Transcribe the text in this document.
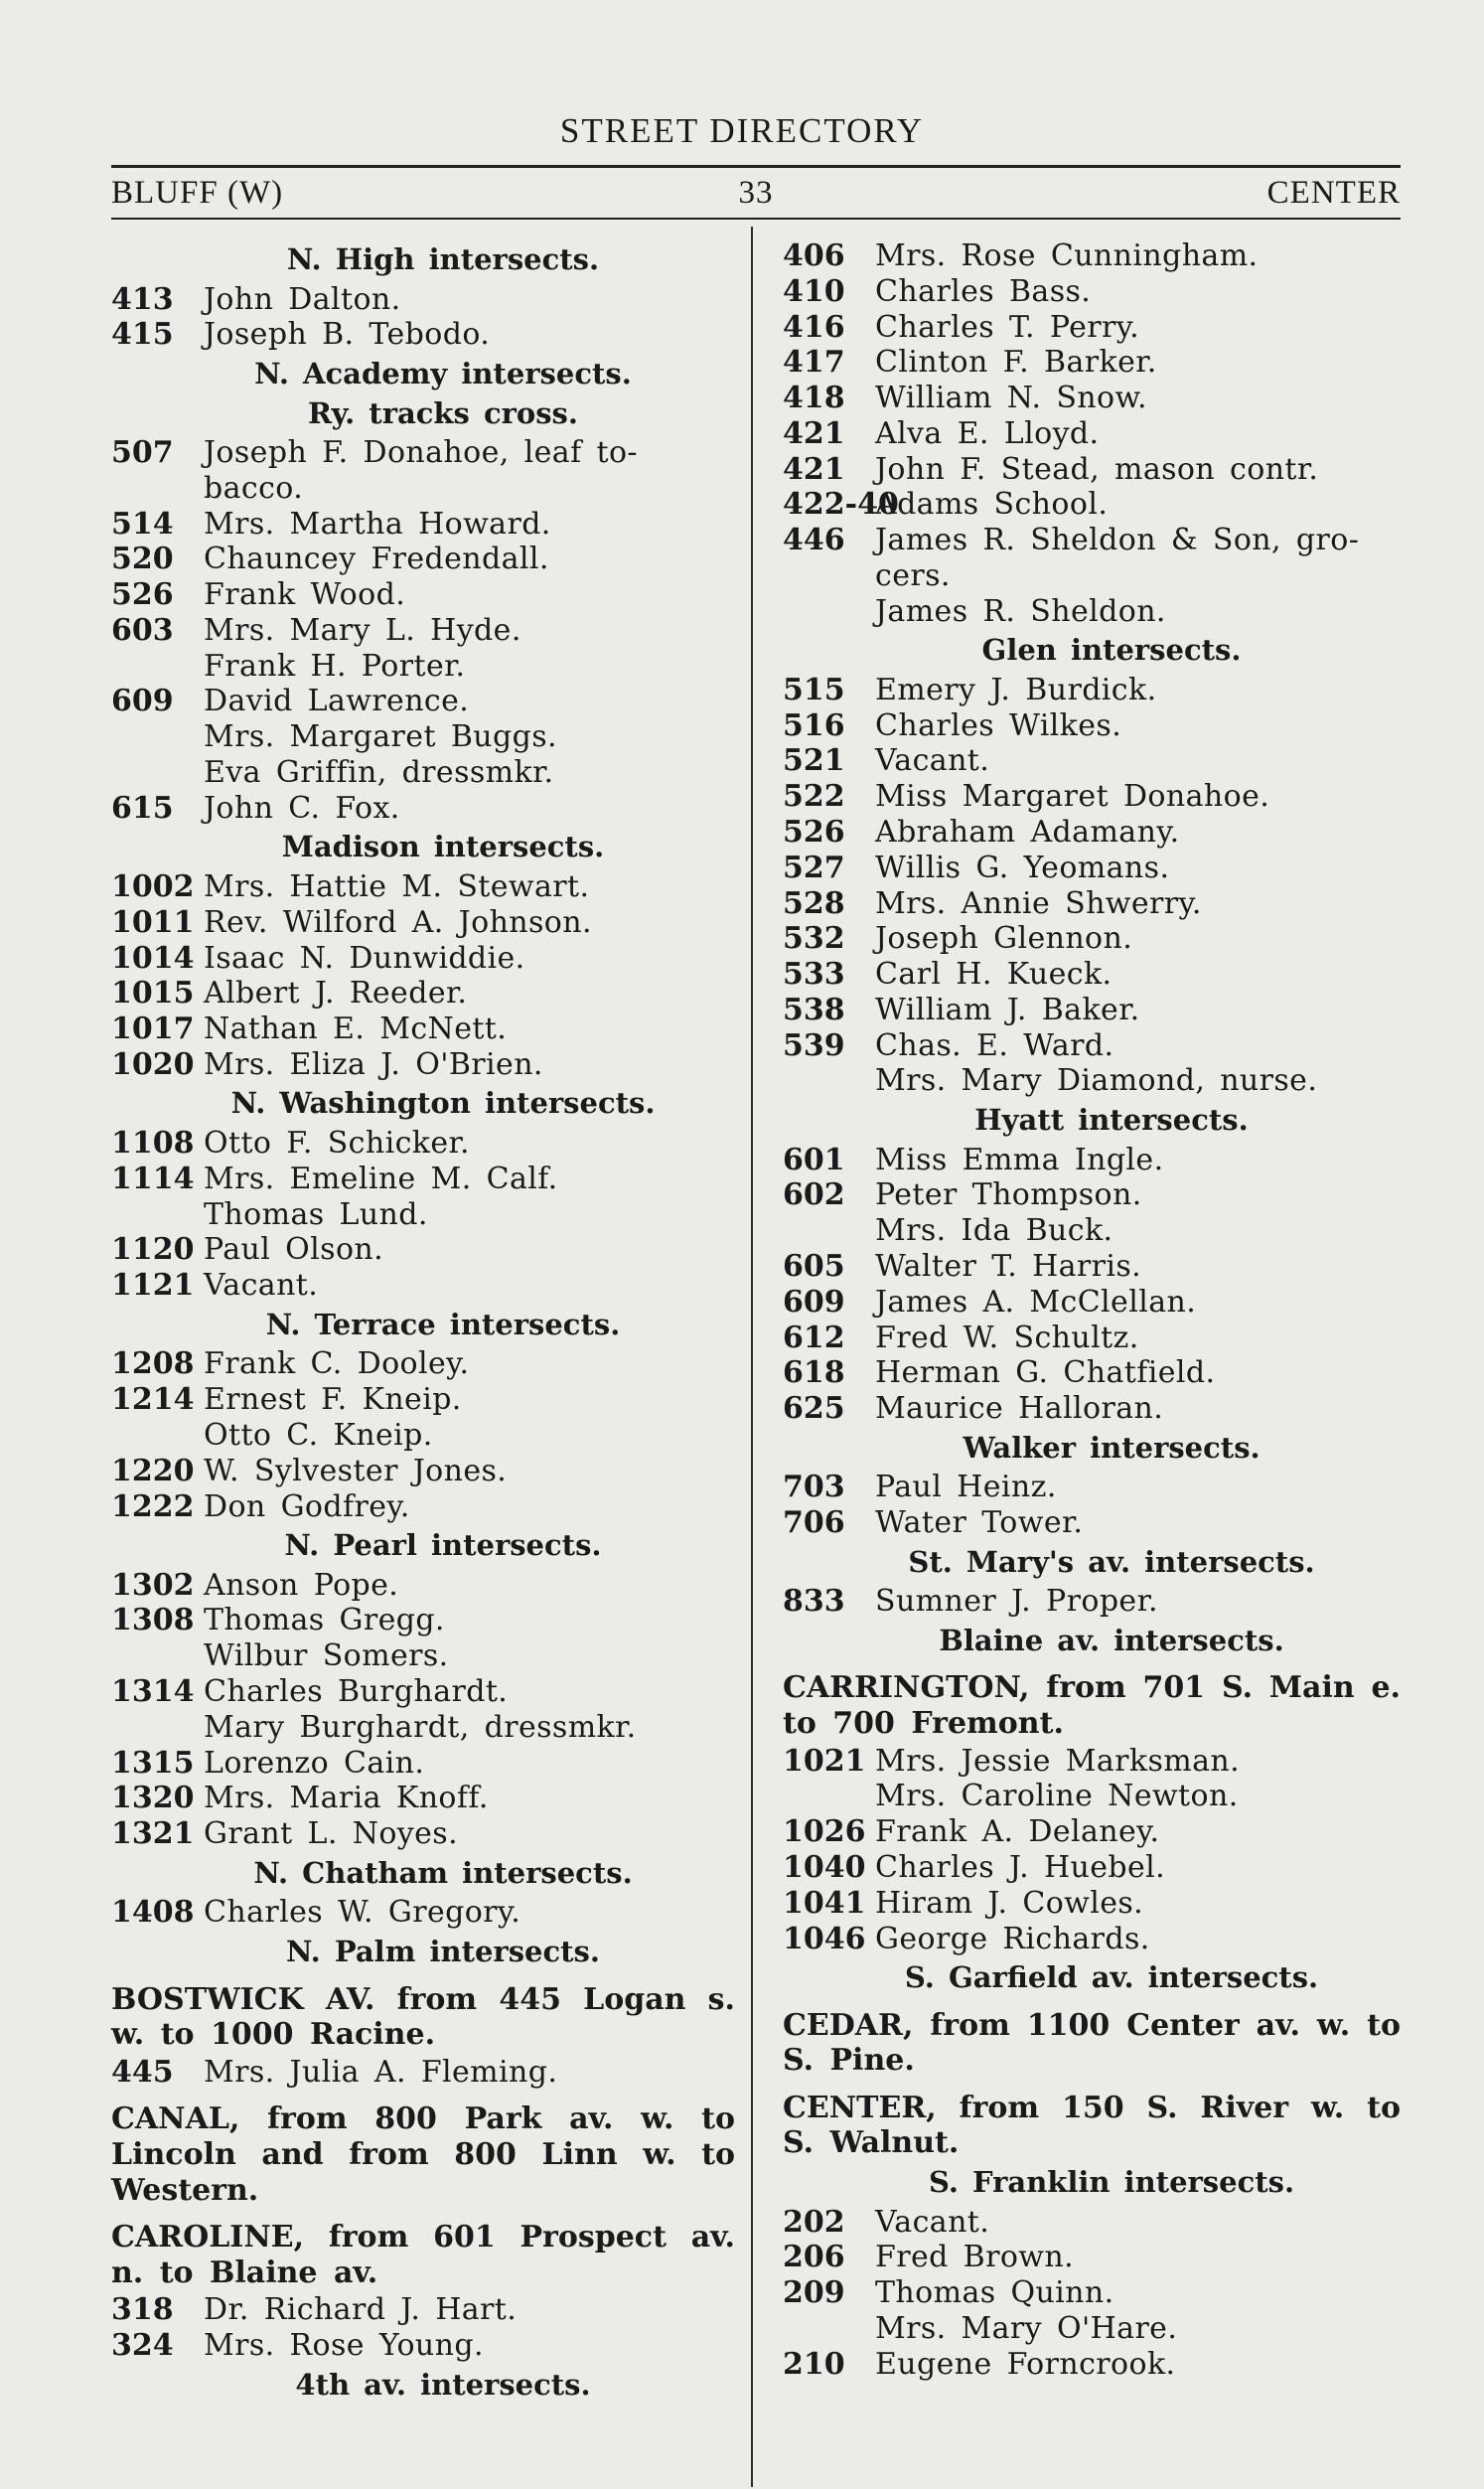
STREET DIRECTORY
BLUFF (W)	33	CENTER
N. High intersects.
413 John Dalton.
415 Joseph B. Tebodo.
N. Academy intersects.
Ry. tracks cross.
507 Joseph F. Donahoe, leaf to-bacco.
514 Mrs. Martha Howard.
520 Chauncey Fredendall.
526 Frank Wood.
603 Mrs. Mary L. Hyde.
Frank H. Porter.
609 David Lawrence.
Mrs. Margaret Buggs.
Eva Griffin, dressmkr.
615 John C. Fox.
Madison intersects.
1002 Mrs. Hattie M. Stewart.
1011 Rev. Wilford A. Johnson.
1014 Isaac N. Dunwiddie.
1015 Albert J. Reeder.
1017 Nathan E. McNett.
1020 Mrs. Eliza J. O'Brien.
N. Washington intersects.
1108 Otto F. Schicker.
1114 Mrs. Emeline M. Calf.
Thomas Lund.
1120 Paul Olson.
1121 Vacant.
N. Terrace intersects.
1208 Frank C. Dooley.
1214 Ernest F. Kneip.
Otto C. Kneip.
1220 W. Sylvester Jones.
1222 Don Godfrey.
N. Pearl intersects.
1302 Anson Pope.
1308 Thomas Gregg.
Wilbur Somers.
1314 Charles Burghardt.
Mary Burghardt, dressmkr.
1315 Lorenzo Cain.
1320 Mrs. Maria Knoff.
1321 Grant L. Noyes.
N. Chatham intersects.
1408 Charles W. Gregory.
N. Palm intersects.
BOSTWICK AV. from 445 Logan s. w. to 1000 Racine.
445 Mrs. Julia A. Fleming.
CANAL, from 800 Park av. w. to Lincoln and from 800 Linn w. to Western.
CAROLINE, from 601 Prospect av. n. to Blaine av.
318 Dr. Richard J. Hart.
324 Mrs. Rose Young.
4th av. intersects.
406 Mrs. Rose Cunningham.
410 Charles Bass.
416 Charles T. Perry.
417 Clinton F. Barker.
418 William N. Snow.
421 Alva E. Lloyd.
421 John F. Stead, mason contr.
422-40
Adams School.
446 James R. Sheldon & Son, gro-cers.
James R. Sheldon.
Glen intersects.
515 Emery J. Burdick.
516 Charles Wilkes.
521 Vacant.
522 Miss Margaret Donahoe.
526 Abraham Adamany.
527 Willis G. Yeomans.
528 Mrs. Annie Shwerry.
532 Joseph Glennon.
533 Carl H. Kueck.
538 William J. Baker.
539 Chas. E. Ward.
Mrs. Mary Diamond, nurse.
Hyatt intersects.
601 Miss Emma Ingle.
602 Peter Thompson.
Mrs. Ida Buck.
605 Walter T. Harris.
609 James A. McClellan.
612 Fred W. Schultz.
618 Herman G. Chatfield.
625 Maurice Halloran.
Walker intersects.
703 Paul Heinz.
706 Water Tower.
St. Mary's av. intersects.
833 Sumner J. Proper.
Blaine av. intersects.
CARRINGTON, from 701 S. Main e. to 700 Fremont.
1021 Mrs. Jessie Marksman.
Mrs. Caroline Newton.
1026 Frank A. Delaney.
1040 Charles J. Huebel.
1041 Hiram J. Cowles.
1046 George Richards.
S. Garfield av. intersects.
CEDAR, from 1100 Center av. w. to S. Pine.
CENTER, from 150 S. River w. to S. Walnut.
S. Franklin intersects.
202 Vacant.
206 Fred Brown.
209 Thomas Quinn.
Mrs. Mary O'Hare.
210 Eugene Forncrook.
